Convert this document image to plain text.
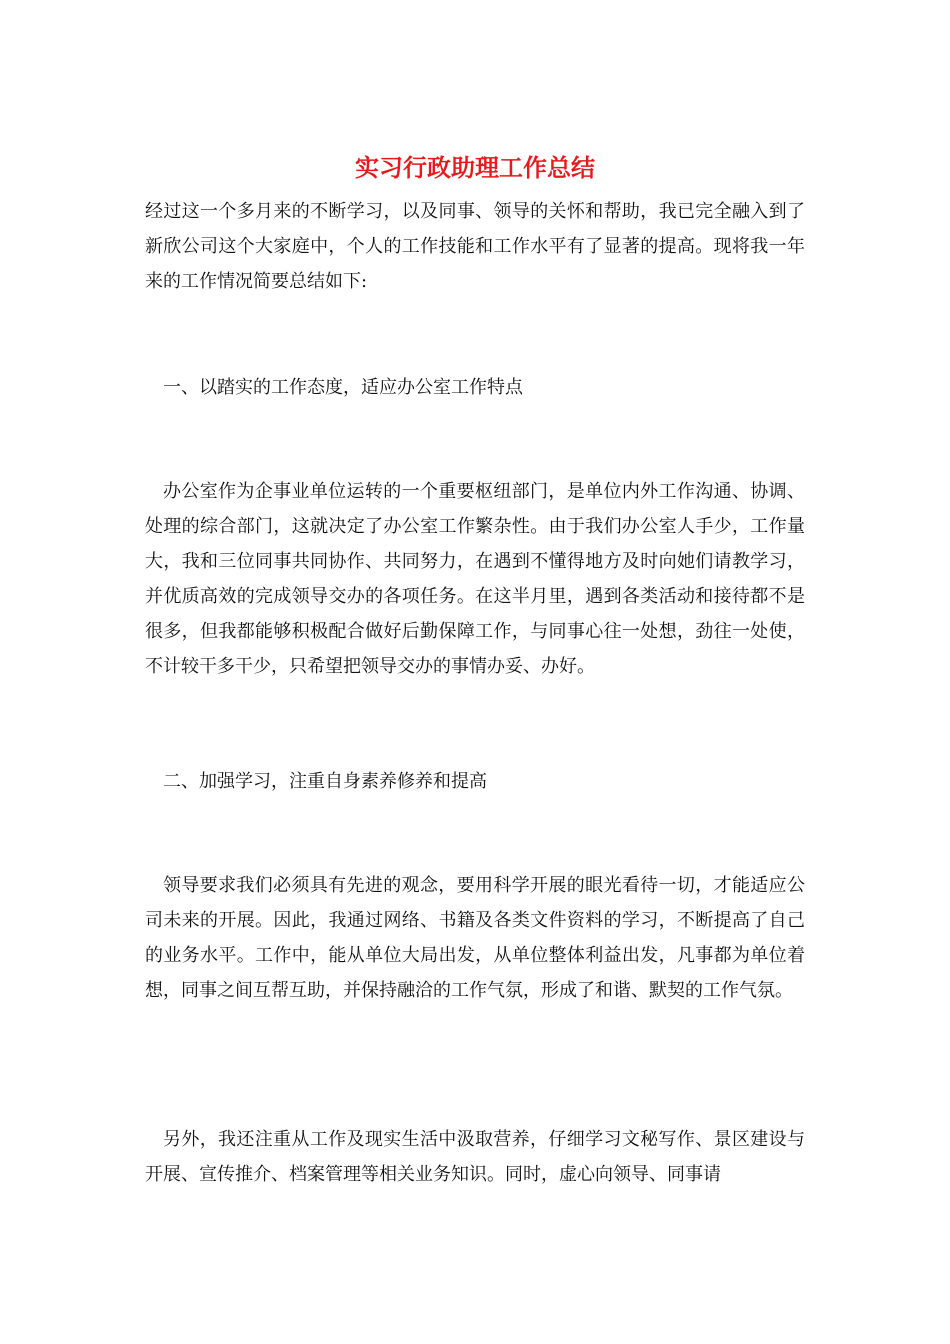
实习行政助理工作总结

经过这一个多月来的不断学习，以及同事、领导的关怀和帮助，我已完全融入到了新欣公司这个大家庭中，个人的工作技能和工作水平有了显著的提高。现将我一年来的工作情况简要总结如下:

一、以踏实的工作态度，适应办公室工作特点

办公室作为企事业单位运转的一个重要枢纽部门，是单位内外工作沟通、协调、处理的综合部门，这就决定了办公室工作繁杂性。由于我们办公室人手少，工作量大，我和三位同事共同协作、共同努力，在遇到不懂得地方及时向她们请教学习，并优质高效的完成领导交办的各项任务。在这半月里，遇到各类活动和接待都不是很多，但我都能够积极配合做好后勤保障工作，与同事心往一处想，劲往一处使，不计较干多干少，只希望把领导交办的事情办妥、办好。

二、加强学习，注重自身素养修养和提高

领导要求我们必须具有先进的观念，要用科学开展的眼光看待一切，才能适应公司未来的开展。因此，我通过网络、书籍及各类文件资料的学习，不断提高了自己的业务水平。工作中，能从单位大局出发，从单位整体利益出发，凡事都为单位着想，同事之间互帮互助，并保持融洽的工作气氛，形成了和谐、默契的工作气氛。

另外，我还注重从工作及现实生活中汲取营养，仔细学习文秘写作、景区建设与开展、宣传推介、档案管理等相关业务知识。同时，虚心向领导、同事请
